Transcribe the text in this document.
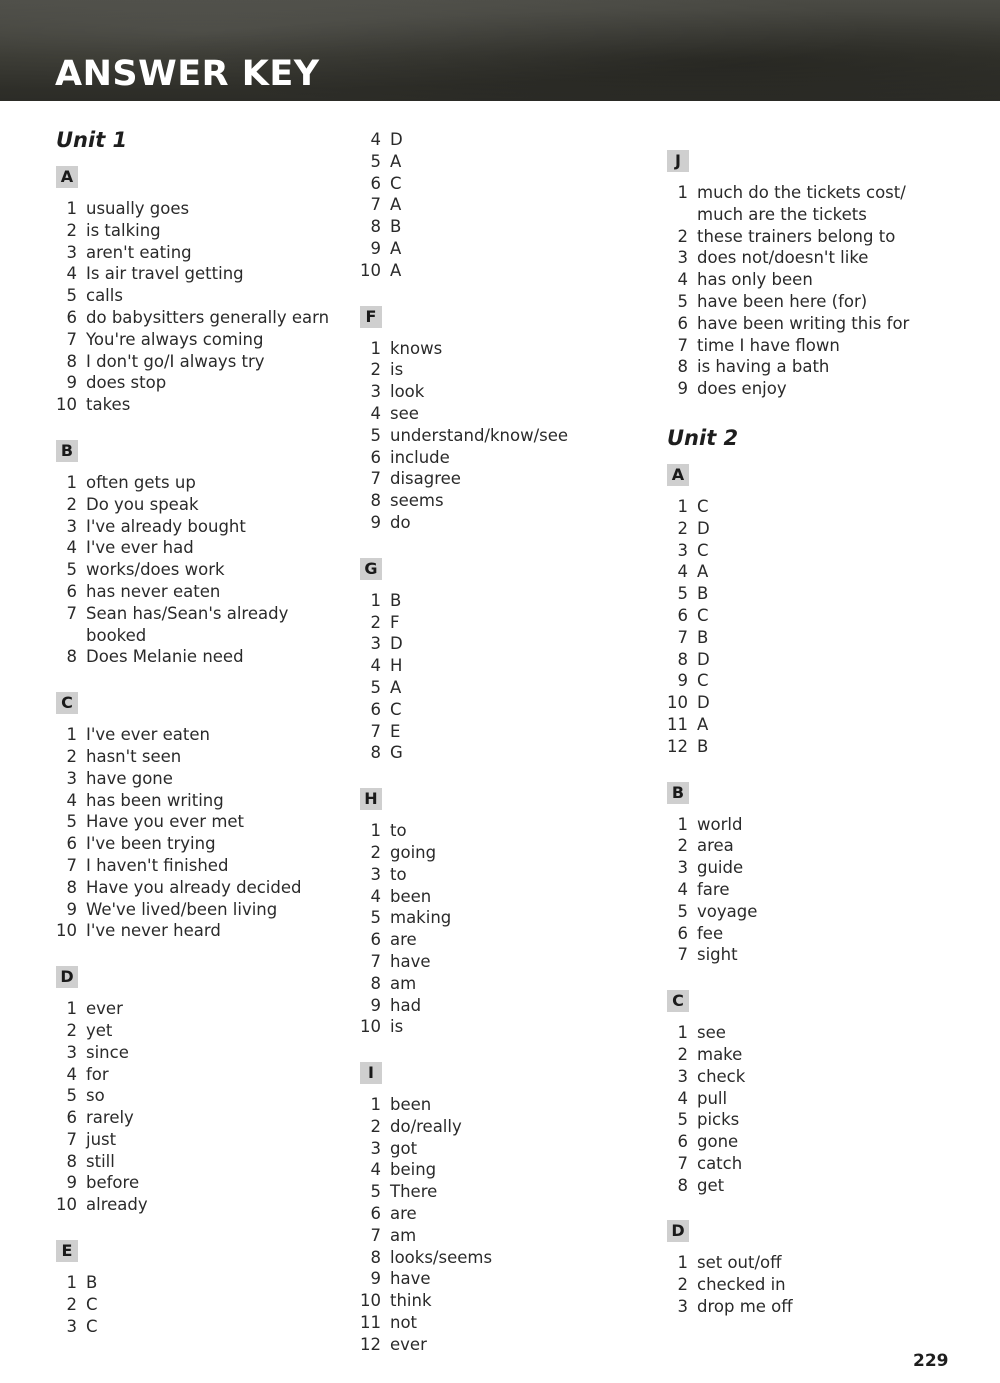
ANSWER KEY
Unit 1
A
1 usually goes
2 is talking
3 aren't eating
4 Is air travel getting
5 calls
6 do babysitters generally earn
7 You're always coming
8 I don't go/I always try
9 does stop
10 takes
B
1 often gets up
2 Do you speak
3 I've already bought
4 I've ever had
5 works/does work
6 has never eaten
7 Sean has/Sean's already
booked
8 Does Melanie need
C
1 I've ever eaten
2 hasn't seen
3 have gone
4 has been writing
5 Have you ever met
6 I've been trying
7 I haven't finished
8 Have you already decided
9 We've lived/been living
10 I've never heard
D
1 ever
2 yet
3 since
4 for
5 so
6 rarely
7 just
8 still
9 before
10 already
E
1 B
2 C
3 C
4 D
5 A
6 C
7 A
8 B
9 A
10 A
F
1 knows
2 is
3 look
4 see
5 understand/know/see
6 include
7 disagree
8 seems
9 do
G
1 B
2 F
3 D
4 H
5 A
6 C
7 E
8 G
H
1 to
2 going
3 to
4 been
5 making
6 are
7 have
8 am
9 had
10 is
I
1 been
2 do/really
3 got
4 being
5 There
6 are
7 am
8 looks/seems
9 have
10 think
11 not
12 ever
J
1 much do the tickets cost/
much are the tickets
2 these trainers belong to
3 does not/doesn't like
4 has only been
5 have been here (for)
6 have been writing this for
7 time I have flown
8 is having a bath
9 does enjoy
Unit 2
A
1 C
2 D
3 C
4 A
5 B
6 C
7 B
8 D
9 C
10 D
11 A
12 B
B
1 world
2 area
3 guide
4 fare
5 voyage
6 fee
7 sight
C
1 see
2 make
3 check
4 pull
5 picks
6 gone
7 catch
8 get
D
1 set out/off
2 checked in
3 drop me off
229
